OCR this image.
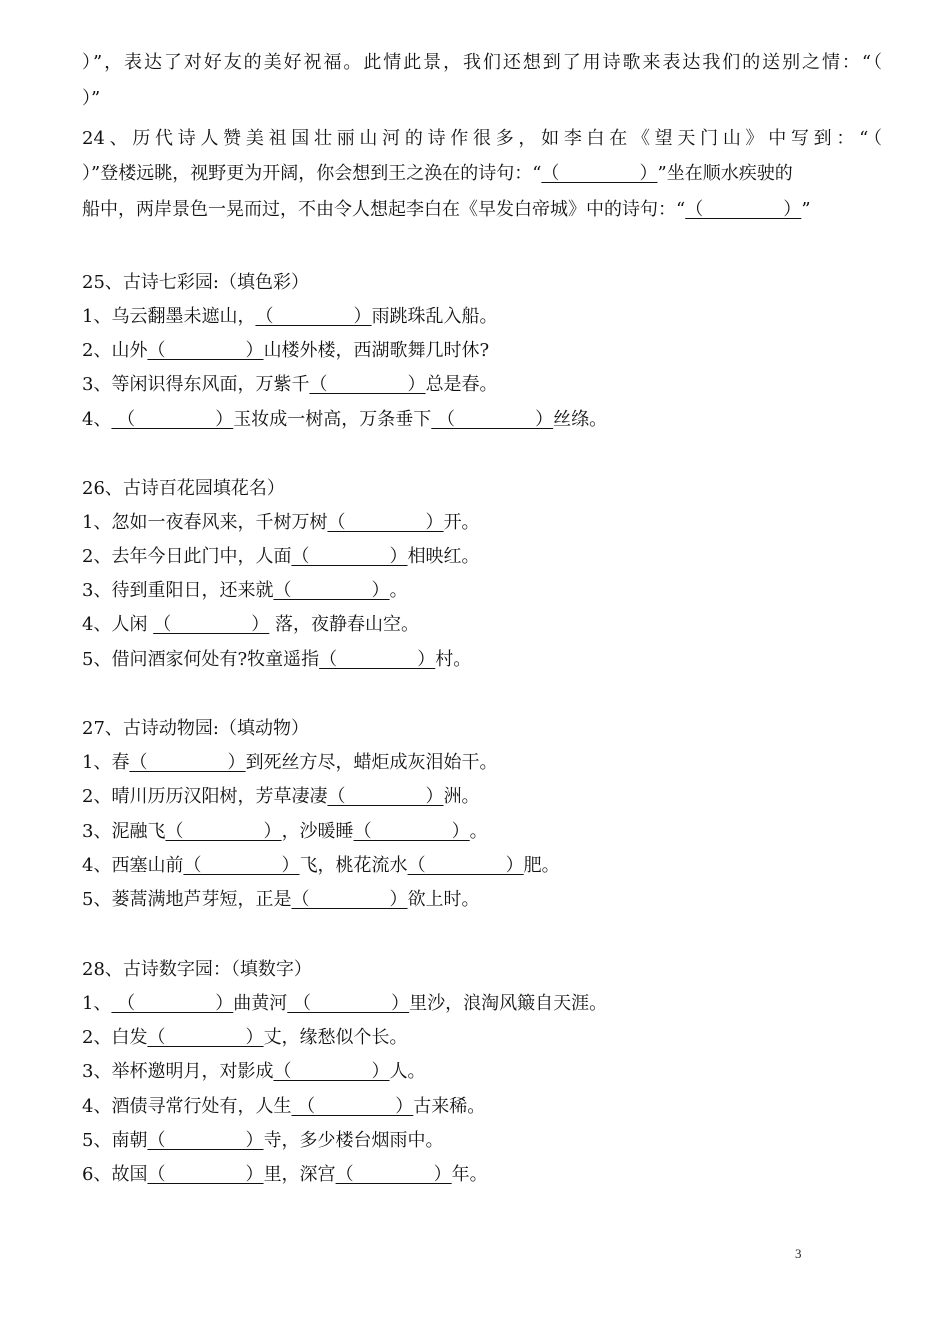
）”，表达了对好友的美好祝福。此情此景，我们还想到了用诗歌来表达我们的送别之情：“（
）”
24、历代诗人赞美祖国壮丽山河的诗作很多，如李白在《望天门山》中写到：“（
）”登楼远眺，视野更为开阔，你会想到王之涣在的诗句：“（              ）”坐在顺水疾驶的
船中，两岸景色一晃而过，不由令人想起李白在《早发白帝城》中的诗句：“（              ）”
25、古诗七彩园:（填色彩）
1、乌云翻墨未遮山，（              ）雨跳珠乱入船。
2、山外（              ）山楼外楼，西湖歌舞几时休?
3、等闲识得东风面，万紫千（              ）总是春。
4、 （              ）玉妆成一树高，万条垂下 （              ）丝绦。
26、古诗百花园填花名）
1、忽如一夜春风来，千树万树（              ）开。
2、去年今日此门中，人面（              ）相映红。
3、待到重阳日，还来就（              ）。
4、人闲 （              ） 落，夜静春山空。
5、借问酒家何处有?牧童遥指（              ）村。
27、古诗动物园:（填动物）
1、春（              ）到死丝方尽，蜡炬成灰泪始干。
2、晴川历历汉阳树，芳草凄凄（              ）洲。
3、泥融飞（              ），沙暖睡（              ）。
4、西塞山前（              ）飞，桃花流水（              ）肥。
5、蒌蒿满地芦芽短，正是（              ）欲上时。
28、古诗数字园：（填数字）
1、 （              ）曲黄河 （              ）里沙，浪淘风簸自天涯。
2、白发（              ）丈，缘愁似个长。
3、举杯邀明月，对影成（              ）人。
4、酒债寻常行处有，人生 （              ）古来稀。
5、南朝（              ）寺，多少楼台烟雨中。
6、故国（              ）里，深宫（              ）年。
3
